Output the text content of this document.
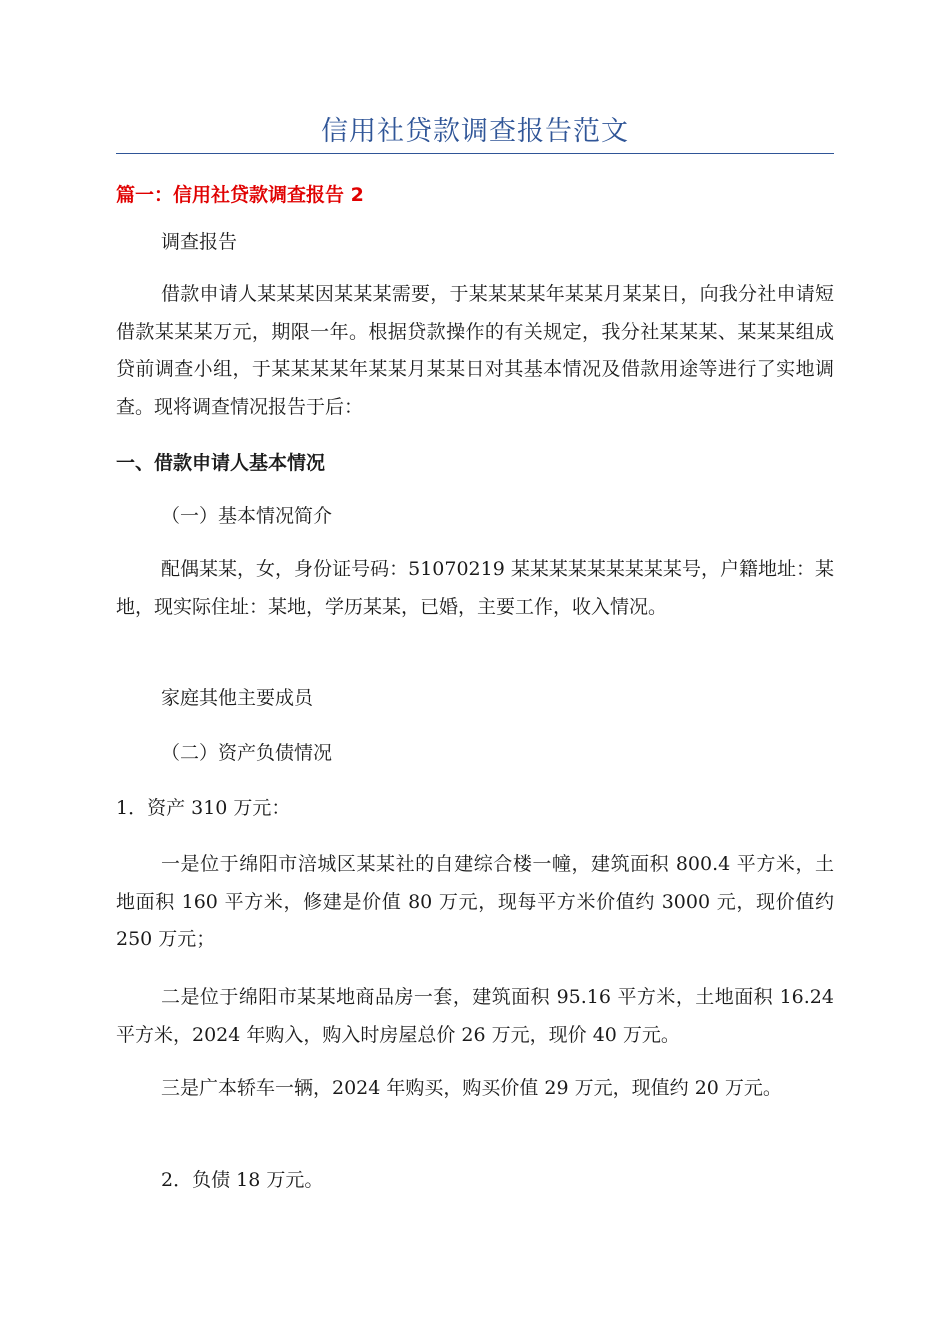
信用社贷款调查报告范文
篇一：信用社贷款调查报告 2
调查报告
借款申请人某某某因某某某需要，于某某某某年某某月某某日，向我分社申请短借款某某某万元，期限一年。根据贷款操作的有关规定，我分社某某某、某某某组成贷前调查小组，于某某某某年某某月某某日对其基本情况及借款用途等进行了实地调查。现将调查情况报告于后：
一、借款申请人基本情况
（一）基本情况简介
配偶某某，女，身份证号码：51070219 某某某某某某某某某号，户籍地址：某地，现实际住址：某地，学历某某，已婚，主要工作，收入情况。
家庭其他主要成员
（二）资产负债情况
1．资产 310 万元：
一是位于绵阳市涪城区某某社的自建综合楼一幢，建筑面积 800.4 平方米，土地面积 160 平方米，修建是价值 80 万元，现每平方米价值约 3000 元，现价值约 250 万元；
二是位于绵阳市某某地商品房一套，建筑面积 95.16 平方米，土地面积 16.24 平方米，2024 年购入，购入时房屋总价 26 万元，现价 40 万元。
三是广本轿车一辆，2024 年购买，购买价值 29 万元，现值约 20 万元。
2．负债 18 万元。
